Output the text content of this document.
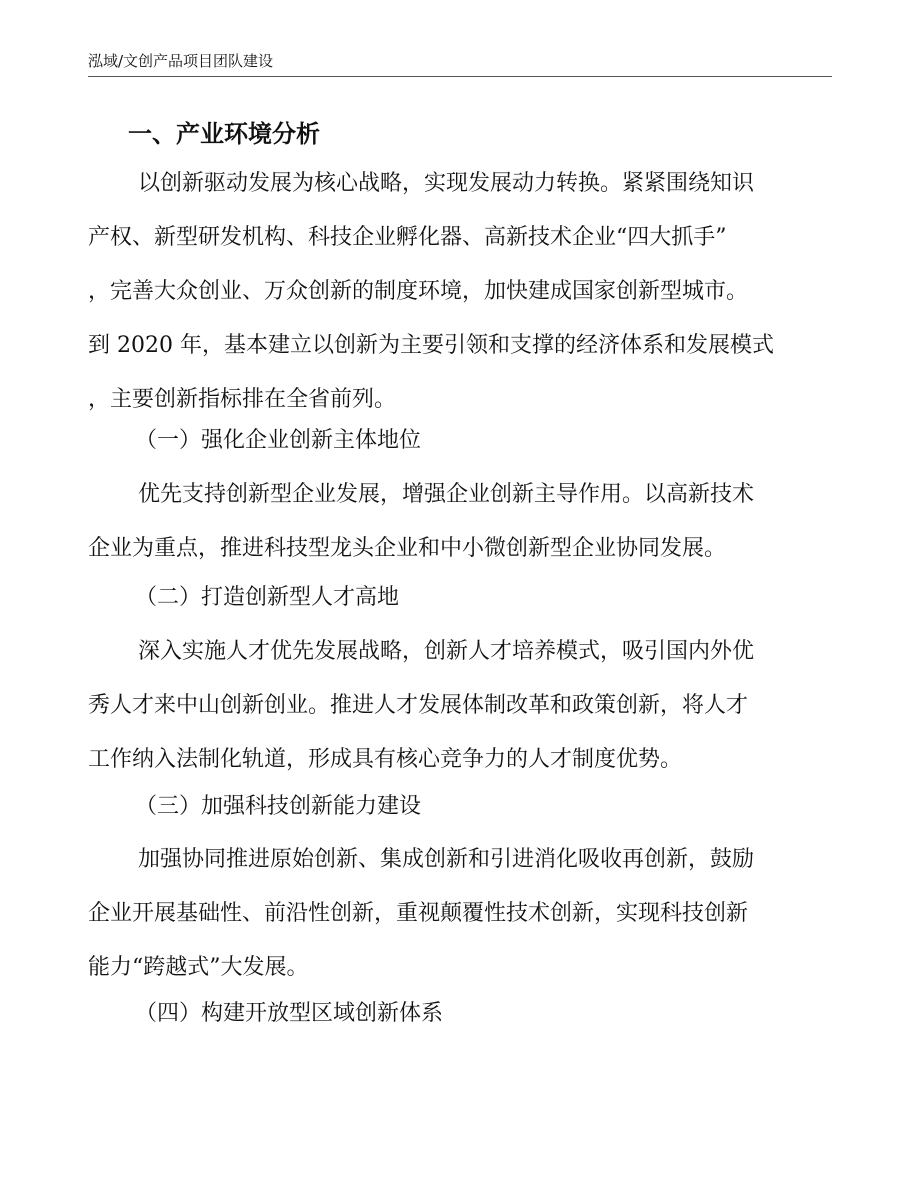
泓域/文创产品项目团队建设
一、产业环境分析
以创新驱动发展为核心战略，实现发展动力转换。紧紧围绕知识
产权、新型研发机构、科技企业孵化器、高新技术企业“四大抓手”
，完善大众创业、万众创新的制度环境，加快建成国家创新型城市。
到 2020 年，基本建立以创新为主要引领和支撑的经济体系和发展模式
，主要创新指标排在全省前列。
（一）强化企业创新主体地位
优先支持创新型企业发展，增强企业创新主导作用。以高新技术
企业为重点，推进科技型龙头企业和中小微创新型企业协同发展。
（二）打造创新型人才高地
深入实施人才优先发展战略，创新人才培养模式，吸引国内外优
秀人才来中山创新创业。推进人才发展体制改革和政策创新，将人才
工作纳入法制化轨道，形成具有核心竞争力的人才制度优势。
（三）加强科技创新能力建设
加强协同推进原始创新、集成创新和引进消化吸收再创新，鼓励
企业开展基础性、前沿性创新，重视颠覆性技术创新，实现科技创新
能力“跨越式”大发展。
（四）构建开放型区域创新体系
